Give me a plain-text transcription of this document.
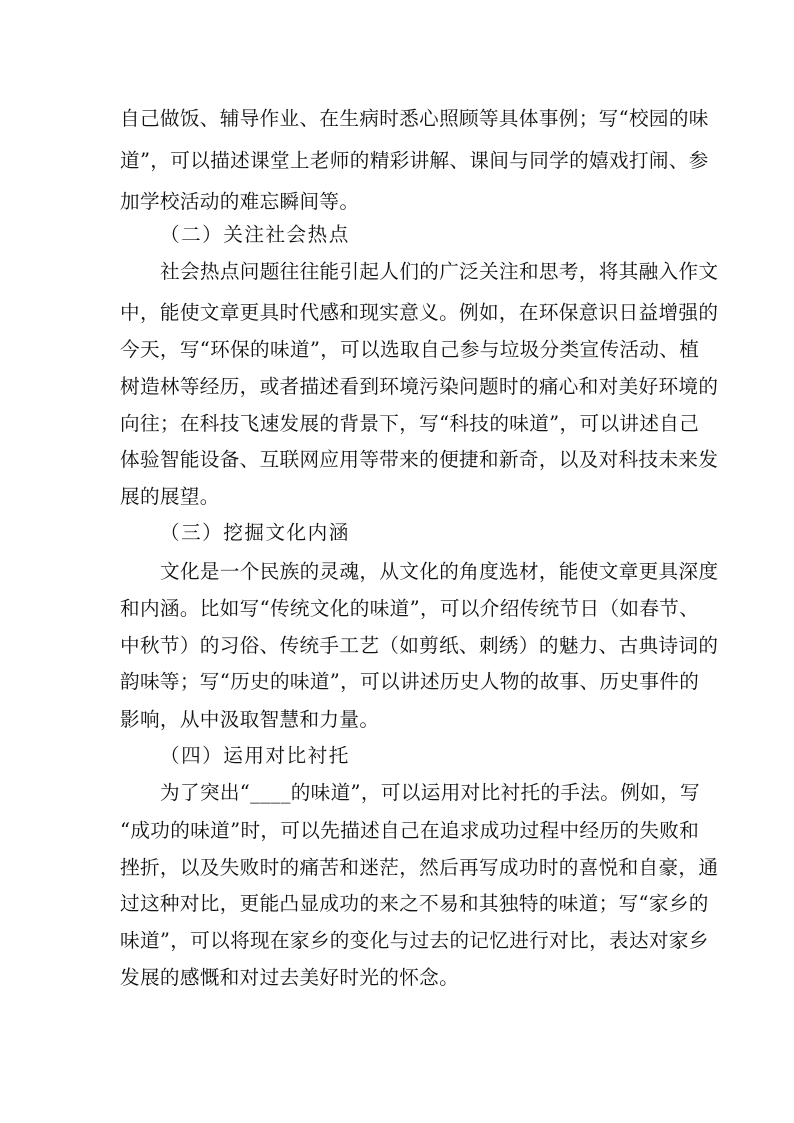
自己做饭、辅导作业、在生病时悉心照顾等具体事例；写“校园的味
道”，可以描述课堂上老师的精彩讲解、课间与同学的嬉戏打闹、参
加学校活动的难忘瞬间等。
（二）关注社会热点
社会热点问题往往能引起人们的广泛关注和思考，将其融入作文
中，能使文章更具时代感和现实意义。例如，在环保意识日益增强的
今天，写“环保的味道”，可以选取自己参与垃圾分类宣传活动、植
树造林等经历，或者描述看到环境污染问题时的痛心和对美好环境的
向往；在科技飞速发展的背景下，写“科技的味道”，可以讲述自己
体验智能设备、互联网应用等带来的便捷和新奇，以及对科技未来发
展的展望。
（三）挖掘文化内涵
文化是一个民族的灵魂，从文化的角度选材，能使文章更具深度
和内涵。比如写“传统文化的味道”，可以介绍传统节日（如春节、
中秋节）的习俗、传统手工艺（如剪纸、刺绣）的魅力、古典诗词的
韵味等；写“历史的味道”，可以讲述历史人物的故事、历史事件的
影响，从中汲取智慧和力量。
（四）运用对比衬托
为了突出“____的味道”，可以运用对比衬托的手法。例如，写
“成功的味道”时，可以先描述自己在追求成功过程中经历的失败和
挫折，以及失败时的痛苦和迷茫，然后再写成功时的喜悦和自豪，通
过这种对比，更能凸显成功的来之不易和其独特的味道；写“家乡的
味道”，可以将现在家乡的变化与过去的记忆进行对比，表达对家乡
发展的感慨和对过去美好时光的怀念。
